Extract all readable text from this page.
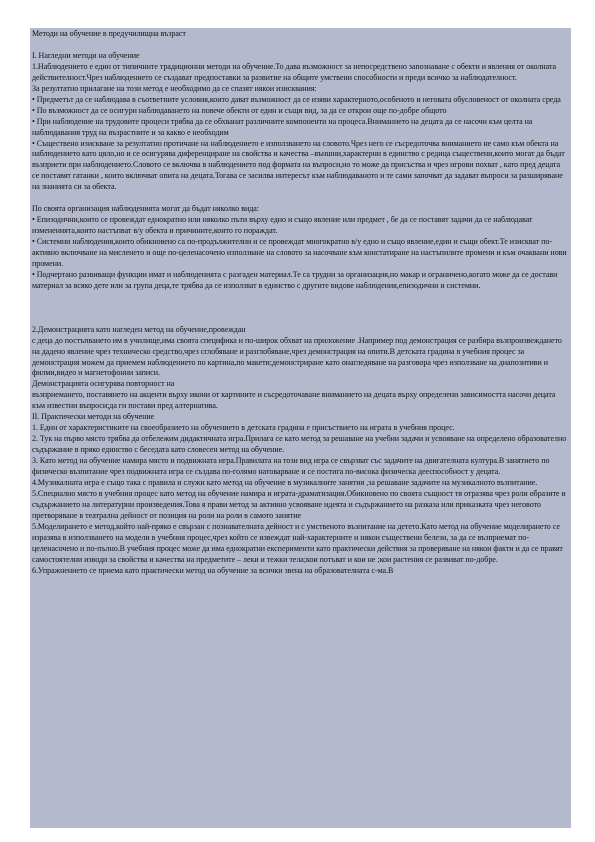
Методи на обучение в предучилищна възраст

I. Нагледни методи на обучение

1.Наблюдението е един от типичните традиционни методи на обучение.То дава възможност за непосредствено запознаване с обекти и явления от околната действителност.Чрез наблюдението се създават предпоставки за развитие на общите умствени способности и преди всичко за наблюдателност.

За резултатно прилагане на този метод е необходимо да се спазят някои изисквания:

• Предметът да се наблюдава в съответните условия,които дават възможност да се изяви характерното,особеното и неговата обусловеност от околната среда

• По възможност да се осигури наблюдаването на повече обекти от един и същи вид, за да се открои още по-добре общото

• При наблюдение на трудовите процеси трябва да се обхванат различните компоненти на процеса.Вниманието на децата да се насочи към целта на наблюдавания труд на възрастните и за какво е необходим

• Съществено изискване за резултатно протичане на наблюдението е използването на словото.Чрез него се съсредоточва вниманието не само към обекта на наблюдението като цяло,но и се осигурява диференциране на свойства и качества –външни,характерни в единство с редица съществени,които могат да бъдат възприети при наблюдението.Словото се включва в наблюдението под формата на въпроси,но то може да присъства и чрез игрови похват , като пред децата се поставят гатанки , които включват опита на децата.Тогава се засилва интересът към наблюдаваното и те сами започват да задават въпроси за разширяване на знанията си за обекта.

По своята организация наблюденията могат да бъдат няколко вида:

• Епизодични,които се провеждат еднократно или няколко пъти върху едно и също явление или предмет , бе да се поставят задачи да се наблюдават измененията,които настъпват в/у обекта и причините,които го пораждат.

• Системни наблюдения,които обикновено са по-продължителни и се провеждат многократно в/у едно и също явление,един и същи обект.Те изискват по-активно включване на мисленето и още по-целенасочено използване на словото за насочване към констатиране на настъпилите промени и към очаквани нови промени.

• Подчертано развиващи функции имат и наблюденията с разгаден материал.Те са трудни за организация,но макар и ограничено,когато може да се достави материал за всяко дете или за група деца,те трябва да се използват в единство с другите видове наблюдения,епизодични и системни.

2.Демонстрацията като нагледен метод на обучение,провеждан

с деца до постъпването им в училище,има своята специфика и по-широк обхват на приложение .Например под демонстрация се разбира възпроизвеждането на дадено явление чрез техническо средство,чрез сглобяване и разглобяване,чрез демонстрация на опити.В детската градина в учебния процес за демонстрация можем да приемем наблюдението по картина,по макети;демонстриране като онагледяване на разговора чрез използване на диапозитиви и филми,видео и магнетофонни записи.

Демонстрацията осигурява повторност на

възприемането, поставянето на акценти върху икони от картините и съсредоточаване вниманието на децата върху определени зависимостта насочи децата към известни въпроси;да ги постави пред алтернатива.

II. Практически методи на обучение

1. Един от характеристиките на своеобразието на обучението в детската градина е присъствието на играта в учебния процес.

2. Тук на първо място трябва да отбележим дидактичната игра.Прилага се като метод за решаване на учебни задачи и усвояване на определено образователно съдържание в пряко единство с беседата като словесен метод на обучение.

3. Като метод на обучение намира място и подвижната игра.Правилата на този вид игра се свързват със задачите на двигателната култура.В занятието по физическо възпитание чрез подвижната игра се създава по-голямо натоварване и се постига по-висока физическа дееспособност у децата.

4.Музикалната игра е също така с правила и служи като метод на обучение в музикалните занятия ,за решаване задачите на музикалното възпитание.

5.Специално място в учебния процес като метод на обучение намира и играта-драматизация.Обикновено по своята същност тя отразява чрез роли образите и съдържанието на литературни произведения.Това я прави метод за активно усвояване идеята и съдържанието на разказа или приказката чрез неговото претворяване в театрална дейност от позиция на роли на роли в самото занятие

5.Моделирането е метод,който най-пряко е свързан с познавателната дейност и с умственото възпитание на детето.Като метод на обучение моделирането се изразява в използването на модели в учебния процес,чрез който се извеждат най-характерните и някои съществени белези, за да се възприемат по-целенасочено и по-пълно.В учебния процес може да има еднократни експерименти като практически действия за проверяване на някои факти и да се правят самостоятелни изводи за свойства и качества на предметите – леки и тежки тела;кои потъват и кои не ;кои растения се развиват по-добре.

6.Упражнението се приема като практически метод на обучение за всички звена на образователната с-ма.В
